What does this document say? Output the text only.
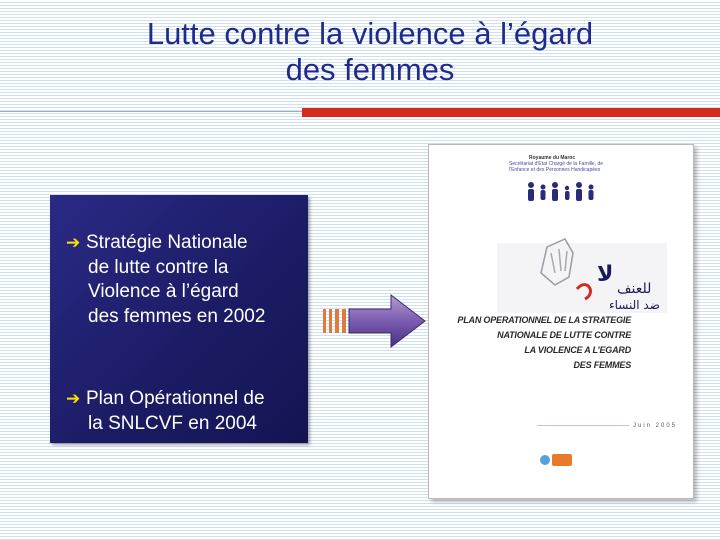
Lutte contre la violence à l’égard
des femmes
➔ Stratégie Nationale
de lutte contre la
Violence à l’égard
des femmes en 2002
➔ Plan Opérationnel de
la SNLCVF en 2004
Royaume du Maroc
Secrétariat d'Etat Chargé de la Famille, de
l'Enfance et des Personnes Handicapées
لا
للعنف
ضد النساء
PLAN OPERATIONNEL DE LA STRATEGIE
NATIONALE DE LUTTE CONTRE
LA VIOLENCE A L’EGARD
DES FEMMES
Juin 2005
